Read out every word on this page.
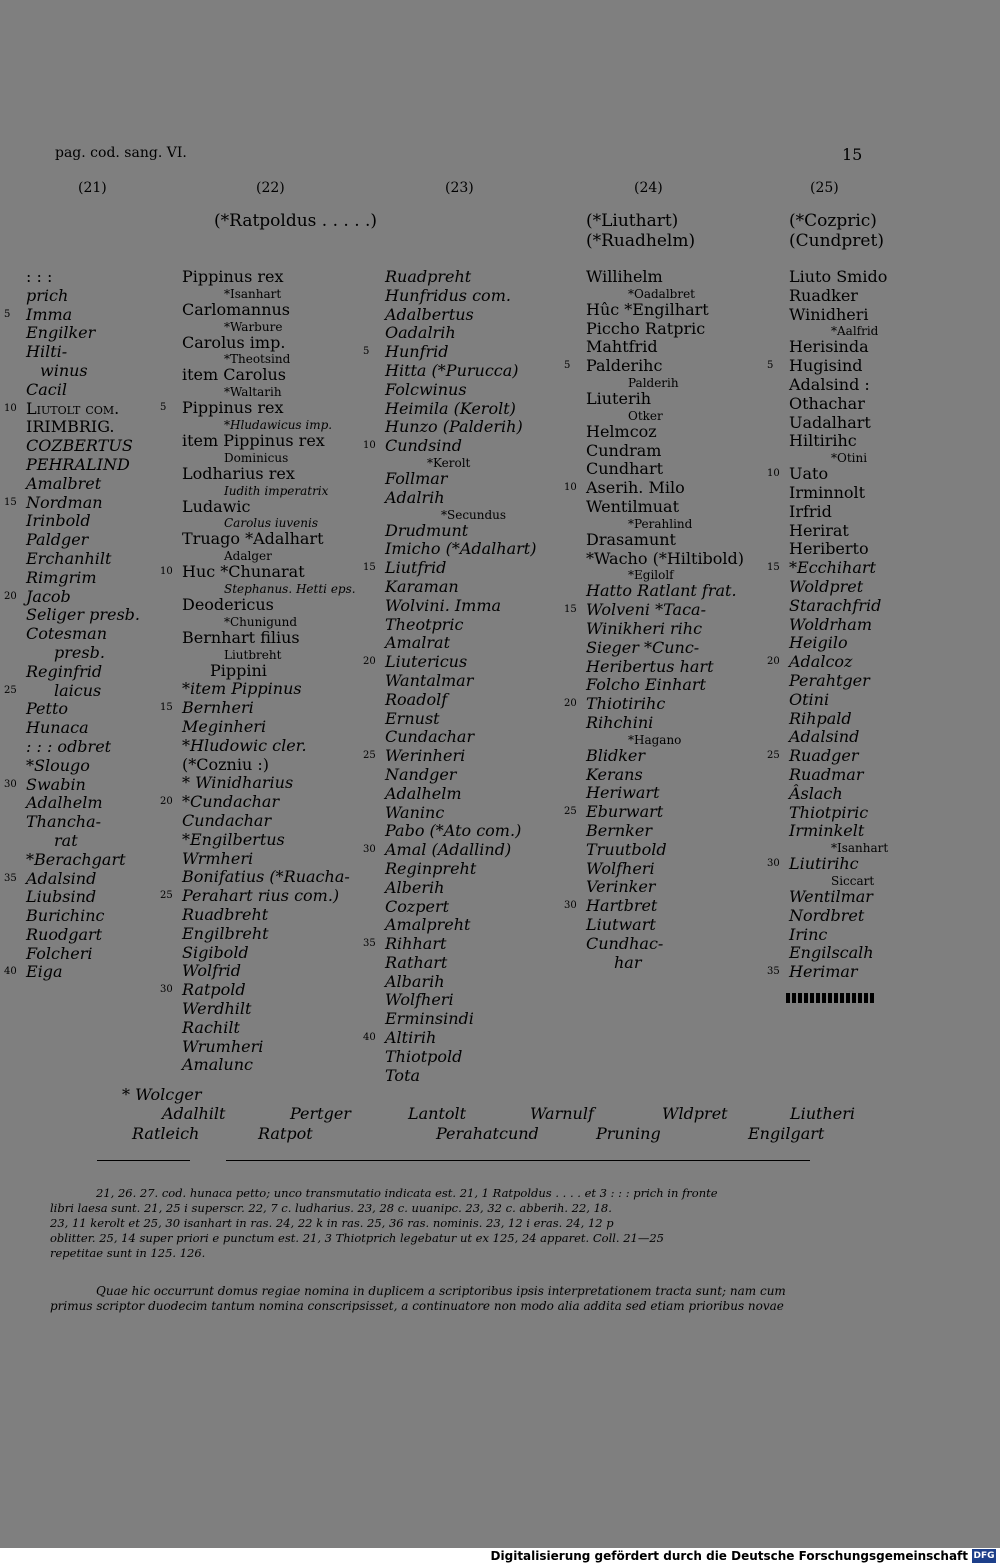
pag. cod. sang. VI.	15
(21)	(22)	(23)	(24)	(25)
(*Ratpoldus . . . . .)	(*Liuthart)
(*Ruadhelm)
(*Cozpric)
(Cundpret)
: : :
prich
5 Imma
Engilker
Hilti-
winus
Cacil
10 Liutolt com.
IRIMBRIG.
COZBERTUS
PEHRALIND
Amalbret
15 Nordman
Irinbold
Paldger
Erchanhilt
Rimgrim
20 Jacob
Seliger presb.
Cotesman
presb.
Reginfrid
25 laicus
Petto
Hunaca
: : : odbret
*Slougo
30 Swabin
Adalhelm
Thancha-
rat
*Berachgart
35 Adalsind
Liubsind
Burichinc
Ruodgart
Folcheri
40 Eiga
Pippinus rex
*Isanhart
Carlomannus
*Warbure
Carolus imp.
*Theotsind
item Carolus
*Waltarih
5 Pippinus rex
*Hludawicus imp.
item Pippinus rex
Dominicus
Lodharius rex
Iudith imperatrix
Ludawic
Carolus iuvenis
Truago *Adalhart
Adalger
10 Huc *Chunarat
Stephanus. Hetti eps.
Deodericus
*Chunigund
Bernhart filius
Liutbreht
Pippini
*item Pippinus
15 Bernheri
Meginheri
*Hludowic cler.
(*Cozniu :)
* Winidharius
20 *Cundachar
Cundachar
*Engilbertus
Wrmheri
Bonifatius (*Ruacha-
25 Perahart rius com.)
Ruadbreht
Engilbreht
Sigibold
Wolfrid
30 Ratpold
Werdhilt
Rachilt
Wrumheri
Amalunc
Ruadpreht
Hunfridus com.
Adalbertus
Oadalrih
5 Hunfrid
Hitta (*Purucca)
Folcwinus
Heimila (Kerolt)
Hunzo (Palderih)
10 Cundsind
*Kerolt
Follmar
Adalrih
*Secundus
Drudmunt
Imicho (*Adalhart)
15 Liutfrid
Karaman
Wolvini. Imma
Theotpric
Amalrat
20 Liutericus
Wantalmar
Roadolf
Ernust
Cundachar
25 Werinheri
Nandger
Adalhelm
Waninc
Pabo (*Ato com.)
30 Amal (Adallind)
Reginpreht
Alberih
Cozpert
Amalpreht
35 Rihhart
Rathart
Albarih
Wolfheri
Erminsindi
40 Altirih
Thiotpold
Tota
Willihelm
*Oadalbret
Hûc *Engilhart
Piccho Ratpric
Mahtfrid
5 Palderihc
Palderih
Liuterih
Otker
Helmcoz
Cundram
Cundhart
10 Aserih. Milo
Wentilmuat
*Perahlind
Drasamunt
*Wacho (*Hiltibold)
*Egilolf
Hatto Ratlant frat.
15 Wolveni *Taca-
Winikheri rihc
Sieger *Cunc-
Heribertus hart
Folcho Einhart
20 Thiotirihc
Rihchini
*Hagano
Blidker
Kerans
Heriwart
25 Eburwart
Bernker
Truutbold
Wolfheri
Verinker
30 Hartbret
Liutwart
Cundhac-
har
Liuto Smido
Ruadker
Winidheri
*Aalfrid
Herisinda
5 Hugisind
Adalsind :
Othachar
Uadalhart
Hiltirihc
*Otini
10 Uato
Irminnolt
Irfrid
Herirat
Heriberto
15 *Ecchihart
Woldpret
Starachfrid
Woldrham
Heigilo
20 Adalcoz
Perahtger
Otini
Rihpald
Adalsind
25 Ruadger
Ruadmar
Âslach
Thiotpiric
Irminkelt
*Isanhart
30 Liutirihc
Siccart
Wentilmar
Nordbret
Irinc
Engilscalh
35 Herimar
* Wolcger
Adalhilt	Pertger	Lantolt	Warnulf	Wldpret	Liutheri
Ratleich	Ratpot	Perahatcund	Pruning	Engilgart
21, 26. 27. cod. hunaca petto; unco transmutatio indicata est. 21, 1 Ratpoldus . . . . et 3 : : : prich in fronte
libri laesa sunt. 21, 25 i superscr. 22, 7 c. ludharius. 23, 28 c. uuanipc. 23, 32 c. abberih. 22, 18.
23, 11 kerolt et 25, 30 isanhart in ras. 24, 22 k in ras. 25, 36 ras. nominis. 23, 12 i eras. 24, 12 p
oblitter. 25, 14 super priori e punctum est. 21, 3 Thiotprich legebatur ut ex 125, 24 apparet. Coll. 21—25
repetitae sunt in 125. 126.
Quae hic occurrunt domus regiae nomina in duplicem a scriptoribus ipsis interpretationem tracta sunt; nam cum
primus scriptor duodecim tantum nomina conscripsisset, a continuatore non modo alia addita sed etiam prioribus novae
Digitalisierung gefördert durch die Deutsche Forschungsgemeinschaft DFG
